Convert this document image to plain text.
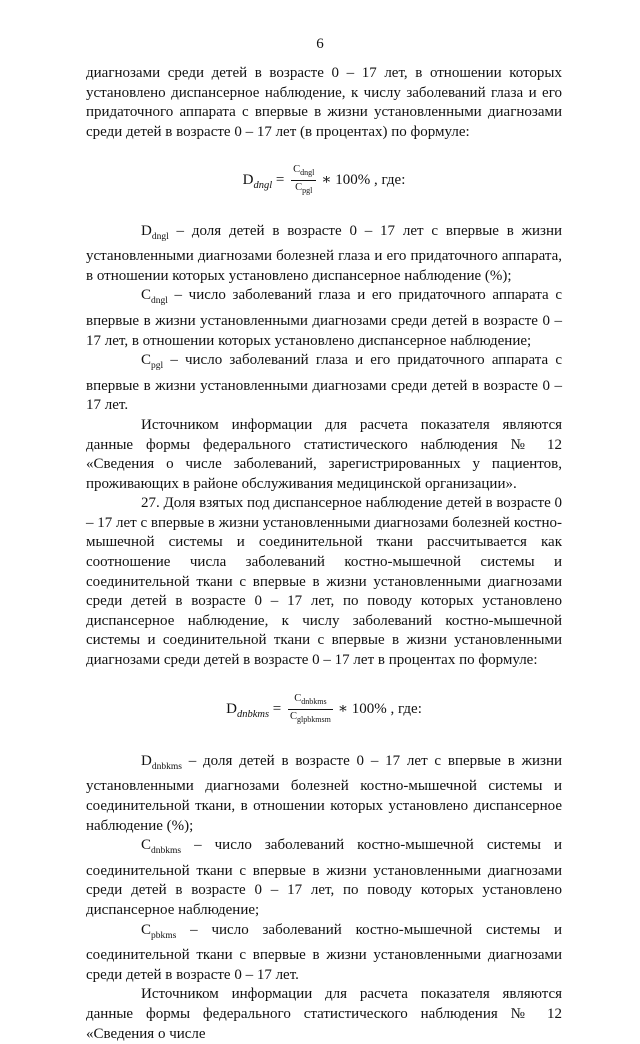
6

диагнозами среди детей в возрасте 0 – 17 лет, в отношении которых установлено диспансерное наблюдение, к числу заболеваний глаза и его придаточного аппарата с впервые в жизни установленными диагнозами среди детей в возрасте 0 – 17 лет (в процентах) по формуле:

$D_{dngl} = \frac{C_{dngl}}{C_{pgl}}$ ∗ 100% , где:

$D_{dngl}$ – доля детей в возрасте 0 – 17 лет с впервые в жизни установленными диагнозами болезней глаза и его придаточного аппарата, в отношении которых установлено диспансерное наблюдение (%);

$C_{dngl}$ – число заболеваний глаза и его придаточного аппарата с впервые в жизни установленными диагнозами среди детей в возрасте 0 – 17 лет, в отношении которых установлено диспансерное наблюдение;

$C_{pgl}$ – число заболеваний глаза и его придаточного аппарата с впервые в жизни установленными диагнозами среди детей в возрасте 0 – 17 лет.

Источником информации для расчета показателя являются данные формы федерального статистического наблюдения № 12 «Сведения о числе заболеваний, зарегистрированных у пациентов, проживающих в районе обслуживания медицинской организации».

27. Доля взятых под диспансерное наблюдение детей в возрасте 0 – 17 лет с впервые в жизни установленными диагнозами болезней костно-мышечной системы и соединительной ткани рассчитывается как соотношение числа заболеваний костно-мышечной системы и соединительной ткани с впервые в жизни установленными диагнозами среди детей в возрасте 0 – 17 лет, по поводу которых установлено диспансерное наблюдение, к числу заболеваний костно-мышечной системы и соединительной ткани с впервые в жизни установленными диагнозами среди детей в возрасте 0 – 17 лет в процентах по формуле:

$D_{dnbkms} = \frac{C_{dnbkms}}{C_{glpbkmsm}}$ ∗ 100% , где:

$D_{dnbkms}$ – доля детей в возрасте 0 – 17 лет с впервые в жизни установленными диагнозами болезней костно-мышечной системы и соединительной ткани, в отношении которых установлено диспансерное наблюдение (%);

$C_{dnbkms}$ – число заболеваний костно-мышечной системы и соединительной ткани с впервые в жизни установленными диагнозами среди детей в возрасте 0 – 17 лет, по поводу которых установлено диспансерное наблюдение;

$C_{pbkms}$ – число заболеваний костно-мышечной системы и соединительной ткани с впервые в жизни установленными диагнозами среди детей в возрасте 0 – 17 лет.

Источником информации для расчета показателя являются данные формы федерального статистического наблюдения № 12 «Сведения о числе
